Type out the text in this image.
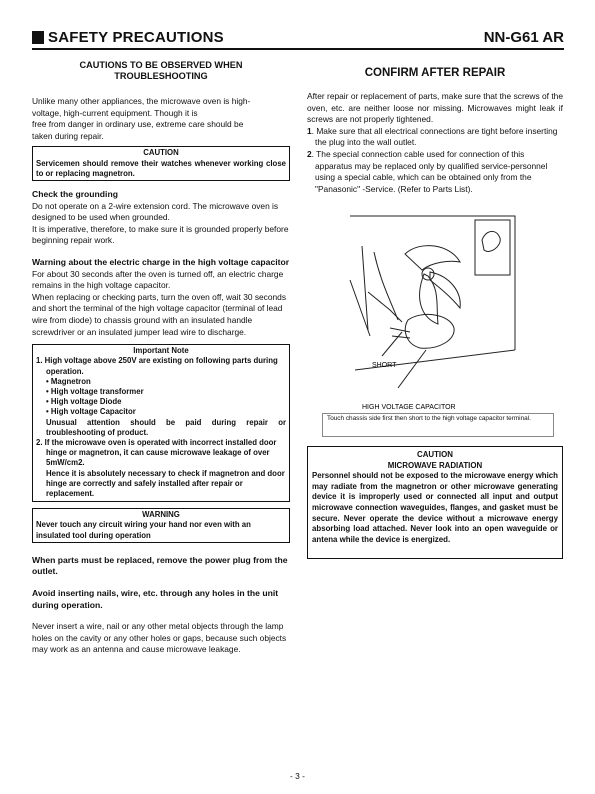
SAFETY PRECAUTIONS	NN-G61 AR
CAUTIONS TO BE OBSERVED WHEN
TROUBLESHOOTING

Unlike many other appliances, the microwave oven is high-

voltage, high-current equipment. Though it is

free from danger in ordinary use, extreme care should be

taken during repair.

CAUTION
Servicemen should remove their watches whenever working close to or replacing magnetron.

Check the grounding

Do not operate on a 2-wire extension cord. The microwave oven is designed to be used when grounded.

It is imperative, therefore, to make sure it is grounded properly before beginning repair work.

Warning about the electric charge in the high voltage capacitor

For about 30 seconds after the oven is turned off, an electric charge remains in the high voltage capacitor.

When replacing or checking parts, turn the oven off, wait 30 seconds and short the terminal of the high voltage capacitor (terminal of lead wire from diode) to chassis ground with an insulated handle screwdriver or an insulated jumper lead wire to discharge.

Important Note
1. High voltage above 250V are existing on following parts during operation.
• Magnetron
• High voltage transformer
• High voltage Diode
• High voltage Capacitor
Unusual attention should be paid during repair or troubleshooting of product.
2. If the microwave oven is operated with incorrect installed door hinge or magnetron, it can cause microwave leakage of over 5mW/cm2.
Hence it is absolutely necessary to check if magnetron and door hinge are correctly and safely installed after repair or replacement.
WARNING
Never touch any circuit wiring your hand nor even with an insulated tool during operation

When parts must be replaced, remove the power plug from the outlet.

Avoid inserting nails, wire, etc. through any holes in the unit during operation.

Never insert a wire, nail or any other metal objects through the lamp holes on the cavity or any other holes or gaps, because such objects may work as an antenna and cause microwave leakage.

CONFIRM AFTER REPAIR

After repair or replacement of parts, make sure that the screws of the oven, etc. are neither loose nor missing. Microwaves might leak if screws are not properly tightened.

1. Make sure that all electrical connections are tight before inserting the plug into the wall outlet.

2. The special connection cable used for connection of this apparatus may be replaced only by qualified service-personnel using a special cable, which can be obtained only from the "Panasonic" -Service. (Refer to Parts List).

SHORT
HIGH VOLTAGE CAPACITOR
Touch chassis side first then short to the high voltage capacitor terminal.
CAUTION
MICROWAVE RADIATION
Personnel should not be exposed to the microwave energy which may radiate from the magnetron or other microwave generating device it is improperly used or connected all input and output microwave connection waveguides, flanges, and gasket must be secure. Never operate the device without a microwave energy absorbing load attached. Never look into an open waveguide or antena while the device is energized.
- 3 -
